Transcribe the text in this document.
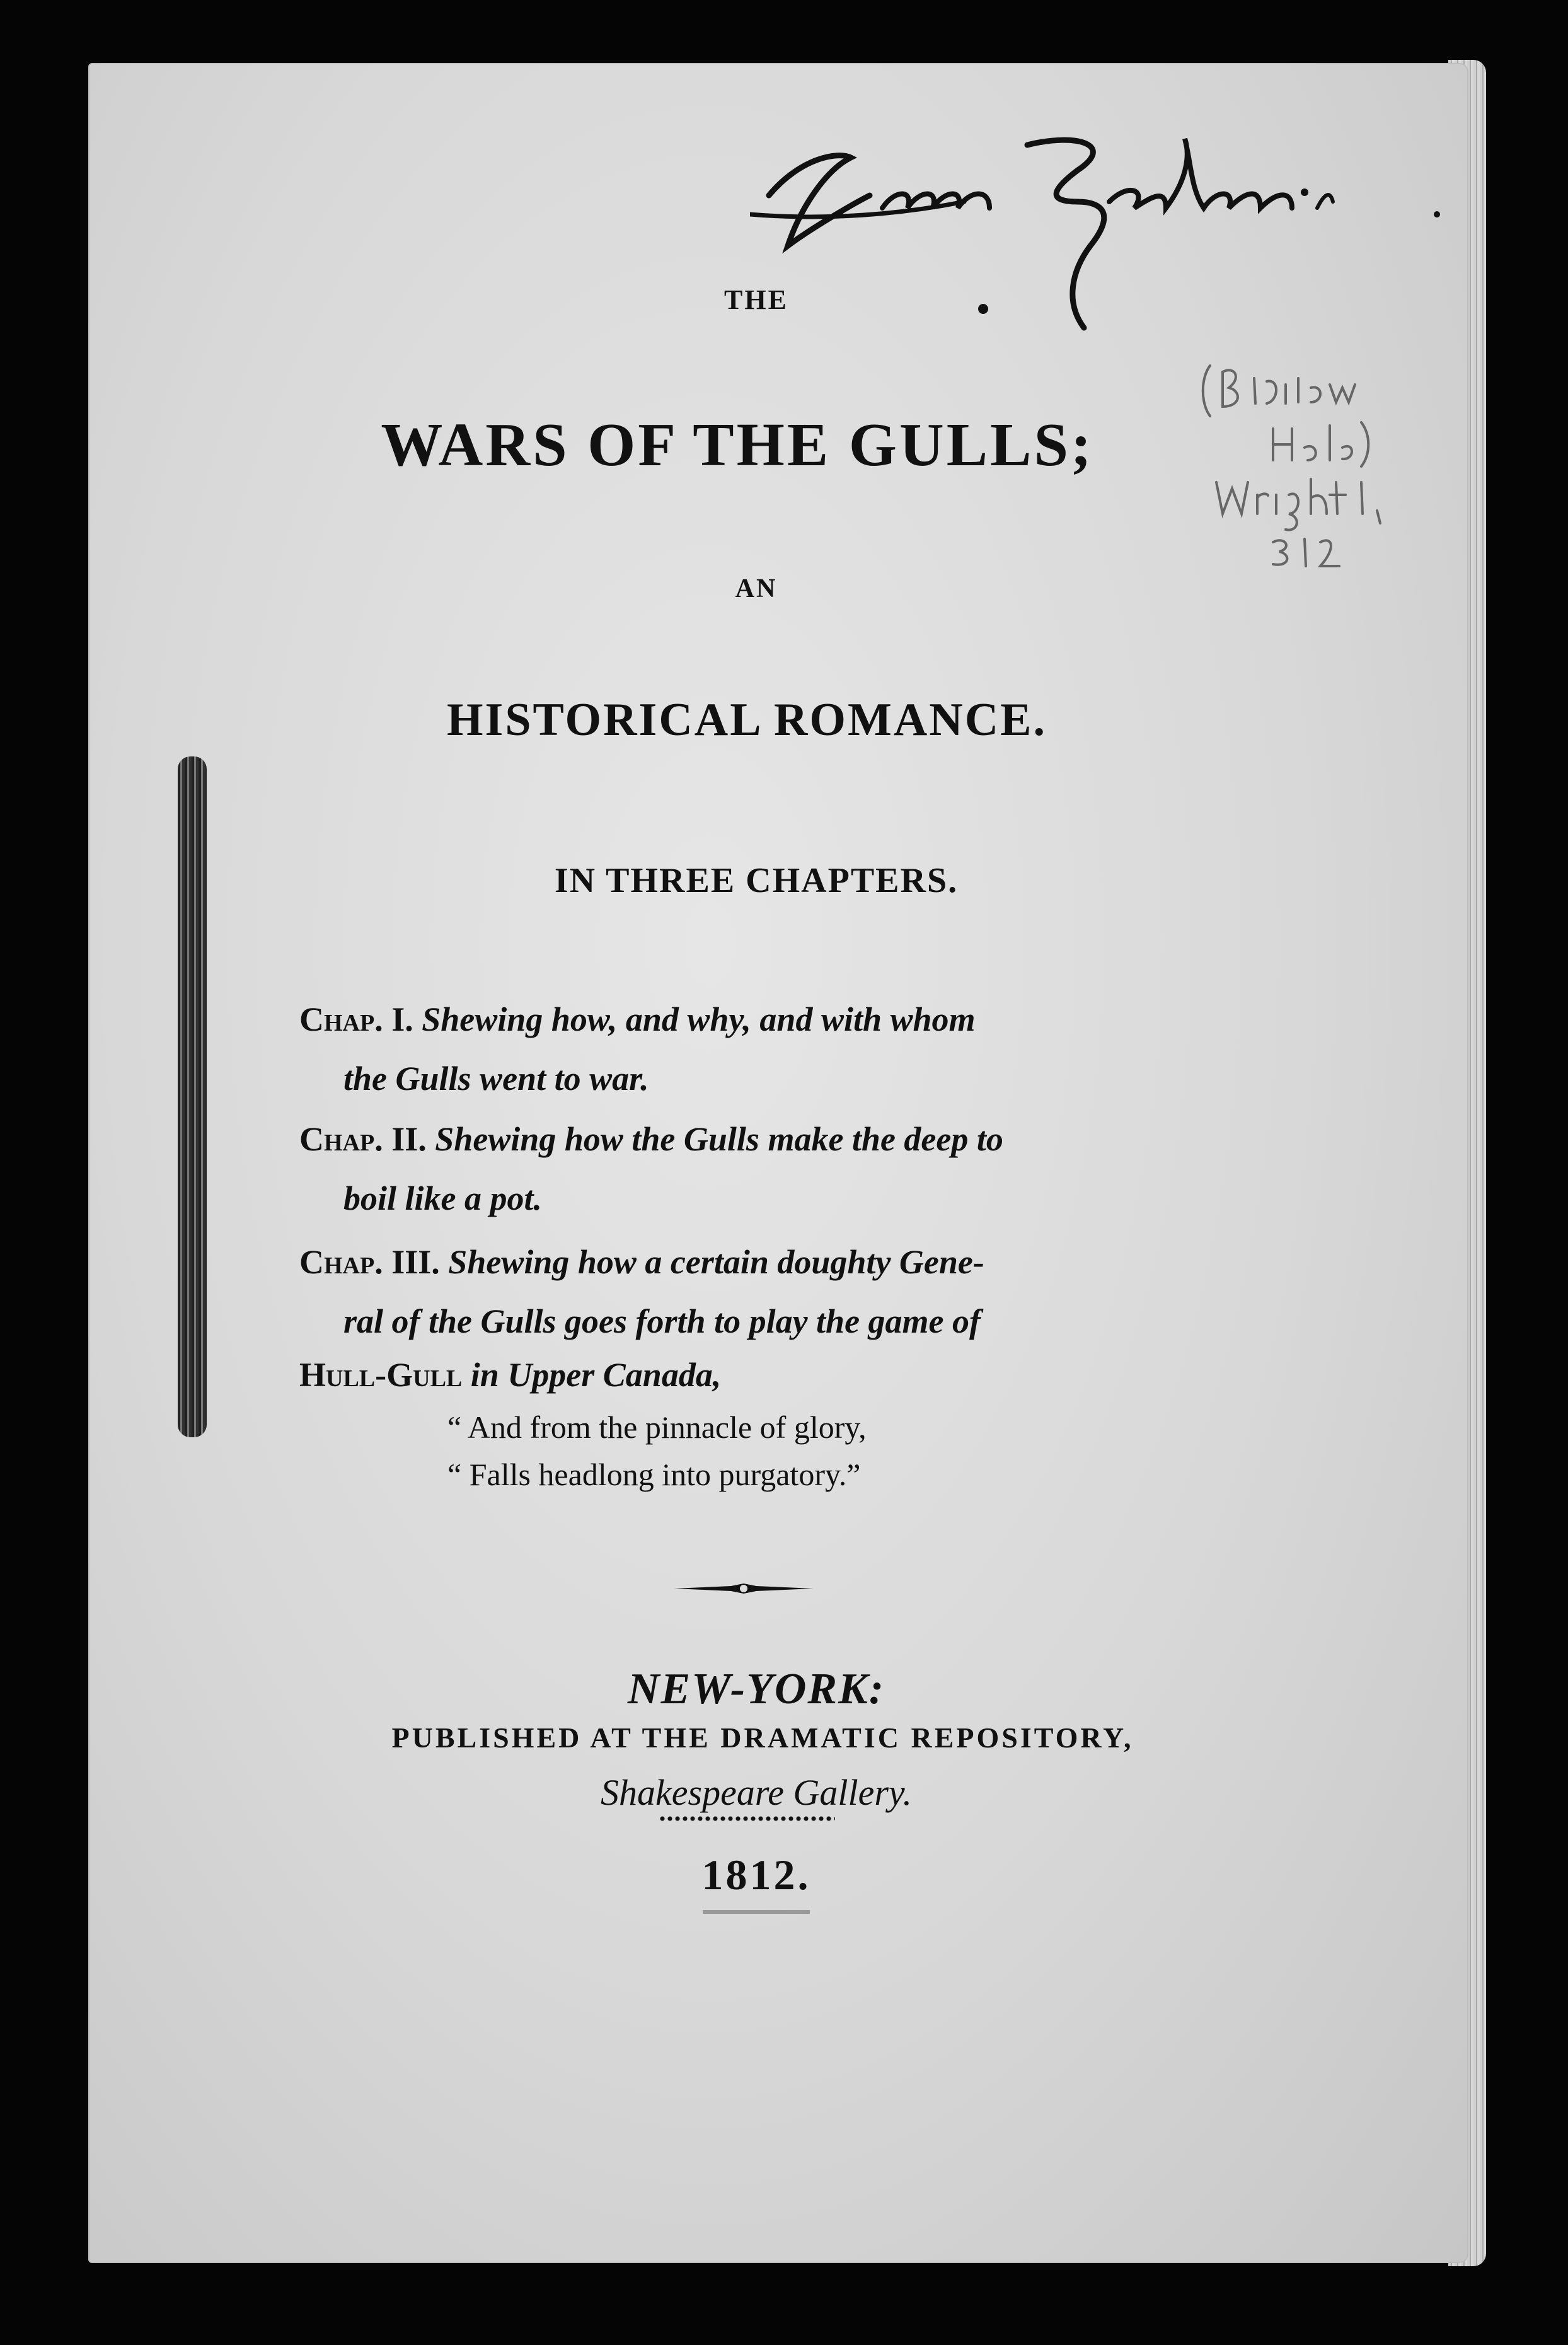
THE
WARS OF THE GULLS;
AN
HISTORICAL ROMANCE.
IN THREE CHAPTERS.
Chap. I. Shewing how, and why, and with whom
the Gulls went to war.
Chap. II. Shewing how the Gulls make the deep to
boil like a pot.
Chap. III. Shewing how a certain doughty Gene-
ral of the Gulls goes forth to play the game of
Hull-Gull in Upper Canada,
“ And from the pinnacle of glory,
“ Falls headlong into purgatory.”
NEW-YORK:
PUBLISHED AT THE DRAMATIC REPOSITORY,
Shakespeare Gallery.
1812.
